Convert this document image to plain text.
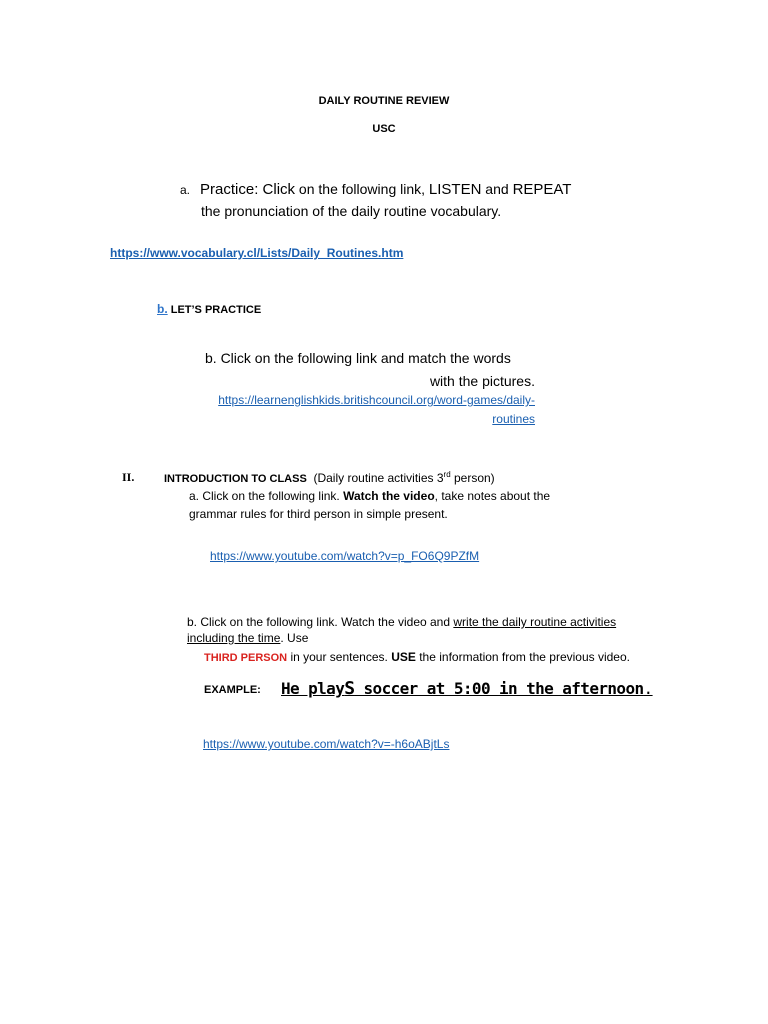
DAILY ROUTINE REVIEW
USC
a. Practice: Click on the following link, LISTEN and REPEAT
the pronunciation of the daily routine vocabulary.
https://www.vocabulary.cl/Lists/Daily_Routines.htm
b. LET’S PRACTICE
b. Click on the following link and match the words
with the pictures.
https://learnenglishkids.britishcouncil.org/word-games/daily-
routines
II.	INTRODUCTION TO CLASS (Daily routine activities 3rd person)
a. Click on the following link. Watch the video, take notes about the
grammar rules for third person in simple present.
https://www.youtube.com/watch?v=p_FO6Q9PZfM
b. Click on the following link. Watch the video and write the daily routine activities
including the time. Use
THIRD PERSON in your sentences. USE the information from the previous video.
EXAMPLE: He playS soccer at 5:00 in the afternoon.
https://www.youtube.com/watch?v=-h6oABjtLs
